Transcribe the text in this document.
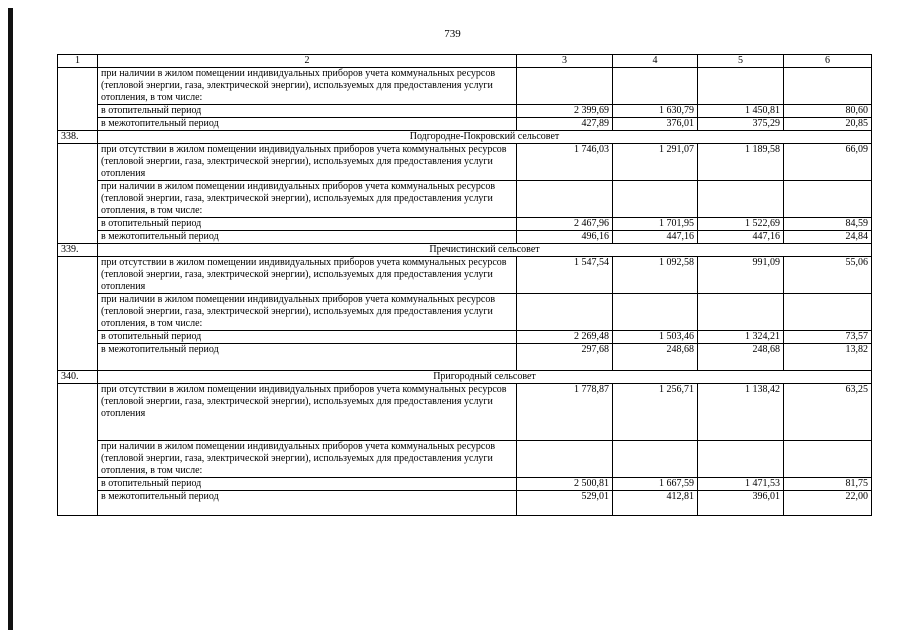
739
1	2	3	4	5	6
	при наличии в жилом помещении индивидуальных приборов учета коммунальных ресурсов (тепловой энергии, газа, электрической энергии), используемых для предоставления услуги отопления, в том числе:				
	в отопительный период	2 399,69	1 630,79	1 450,81	80,60
	в межотопительный период	427,89	376,01	375,29	20,85
338.	Подгородне-Покровский сельсовет				
	при отсутствии в жилом помещении индивидуальных приборов учета коммунальных ресурсов (тепловой энергии, газа, электрической энергии), используемых для предоставления услуги отопления	1 746,03	1 291,07	1 189,58	66,09
	при наличии в жилом помещении индивидуальных приборов учета коммунальных ресурсов (тепловой энергии, газа, электрической энергии), используемых для предоставления услуги отопления, в том числе:				
	в отопительный период	2 467,96	1 701,95	1 522,69	84,59
	в межотопительный период	496,16	447,16	447,16	24,84
339.	Пречистинский сельсовет				
	при отсутствии в жилом помещении индивидуальных приборов учета коммунальных ресурсов (тепловой энергии, газа, электрической энергии), используемых для предоставления услуги отопления	1 547,54	1 092,58	991,09	55,06
	при наличии в жилом помещении индивидуальных приборов учета коммунальных ресурсов (тепловой энергии, газа, электрической энергии), используемых для предоставления услуги отопления, в том числе:				
	в отопительный период	2 269,48	1 503,46	1 324,21	73,57
	в межотопительный период	297,68	248,68	248,68	13,82
340.	Пригородный сельсовет				
	при отсутствии в жилом помещении индивидуальных приборов учета коммунальных ресурсов (тепловой энергии, газа, электрической энергии), используемых для предоставления услуги отопления	1 778,87	1 256,71	1 138,42	63,25
	при наличии в жилом помещении индивидуальных приборов учета коммунальных ресурсов (тепловой энергии, газа, электрической энергии), используемых для предоставления услуги отопления, в том числе:				
	в отопительный период	2 500,81	1 667,59	1 471,53	81,75
	в межотопительный период	529,01	412,81	396,01	22,00
